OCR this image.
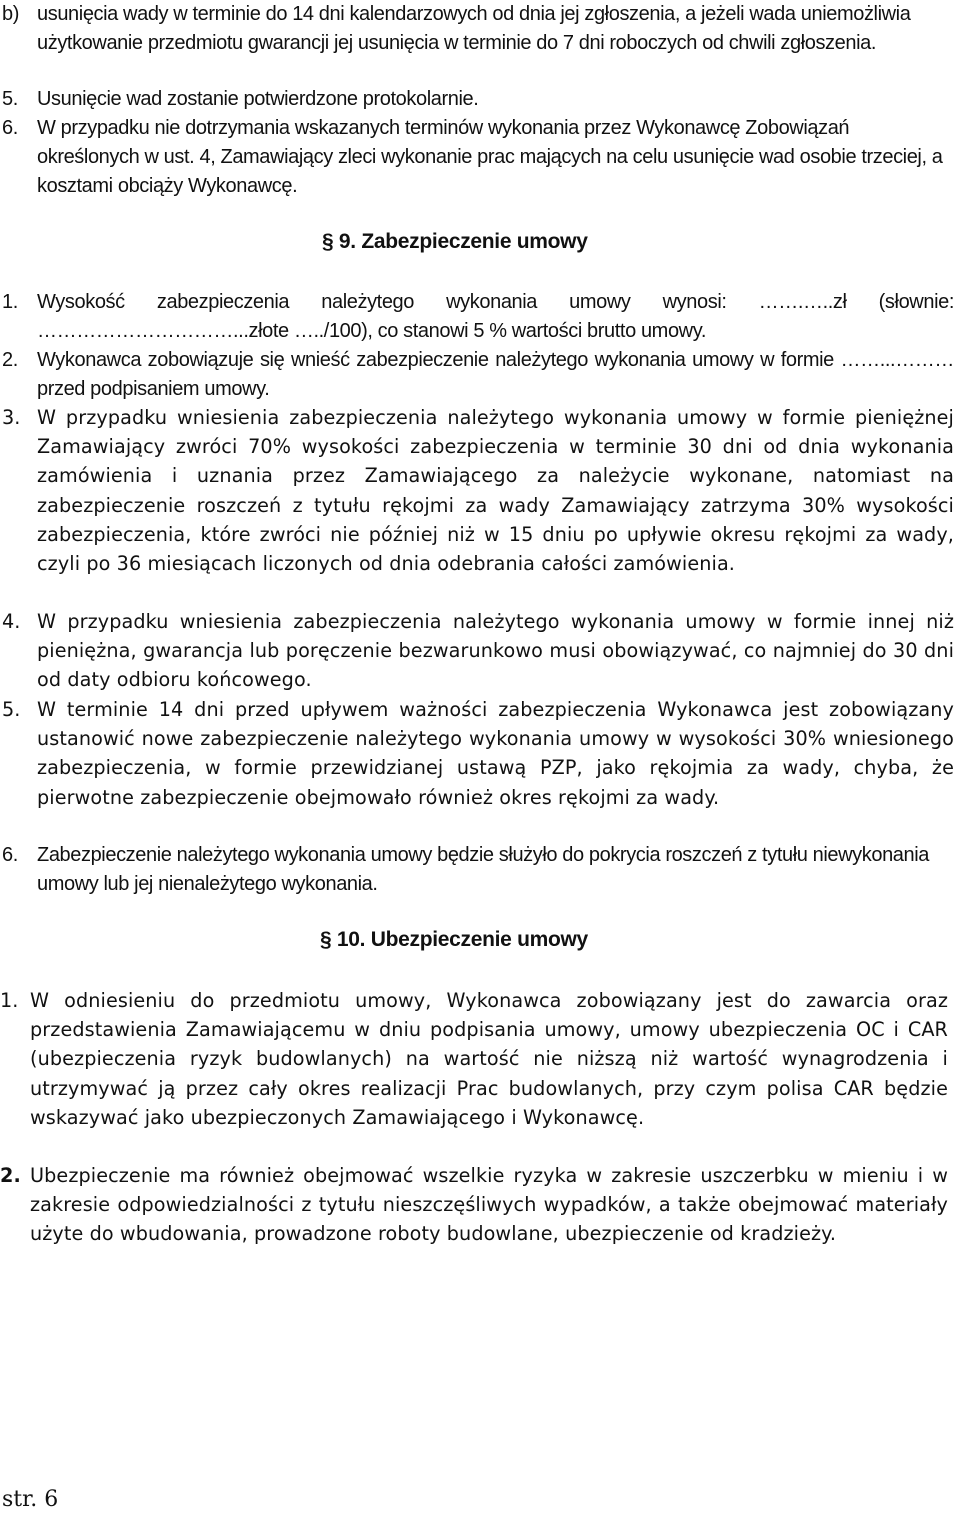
b) usunięcia wady w terminie do 14 dni kalendarzowych od dnia jej zgłoszenia, a jeżeli wada uniemożliwia użytkowanie przedmiotu gwarancji jej usunięcia w terminie do 7 dni roboczych od chwili zgłoszenia.
5. Usunięcie wad zostanie potwierdzone protokolarnie.
6. W przypadku nie dotrzymania wskazanych terminów wykonania przez Wykonawcę Zobowiązań określonych w ust. 4, Zamawiający zleci wykonanie prac mających na celu usunięcie wad osobie trzeciej, a kosztami obciąży Wykonawcę.
§ 9. Zabezpieczenie umowy
1. Wysokość zabezpieczenia należytego wykonania umowy wynosi: …….…..zł (słownie: …………………………...złote …../100), co stanowi 5 % wartości brutto umowy.
2. Wykonawca zobowiązuje się wnieść zabezpieczenie należytego wykonania umowy w formie ……...………przed podpisaniem umowy.
3. W przypadku wniesienia zabezpieczenia należytego wykonania umowy w formie pieniężnej Zamawiający zwróci 70% wysokości zabezpieczenia w terminie 30 dni od dnia wykonania zamówienia i uznania przez Zamawiającego za należycie wykonane, natomiast na zabezpieczenie roszczeń z tytułu rękojmi za wady Zamawiający zatrzyma 30% wysokości zabezpieczenia, które zwróci nie później niż w 15 dniu po upływie okresu rękojmi za wady, czyli po 36 miesiącach liczonych od dnia odebrania całości zamówienia.
4. W przypadku wniesienia zabezpieczenia należytego wykonania umowy w formie innej niż pieniężna, gwarancja lub poręczenie bezwarunkowo musi obowiązywać, co najmniej do 30 dni od daty odbioru końcowego.
5. W terminie 14 dni przed upływem ważności zabezpieczenia Wykonawca jest zobowiązany ustanowić nowe zabezpieczenie należytego wykonania umowy w wysokości 30% wniesionego zabezpieczenia, w formie przewidzianej ustawą PZP, jako rękojmia za wady, chyba, że pierwotne zabezpieczenie obejmowało również okres rękojmi za wady.
6. Zabezpieczenie należytego wykonania umowy będzie służyło do pokrycia roszczeń z tytułu niewykonania umowy lub jej nienależytego wykonania.
§ 10. Ubezpieczenie umowy
1. W odniesieniu do przedmiotu umowy, Wykonawca zobowiązany jest do zawarcia oraz przedstawienia Zamawiającemu w dniu podpisania umowy, umowy ubezpieczenia OC i CAR (ubezpieczenia ryzyk budowlanych) na wartość nie niższą niż wartość wynagrodzenia i utrzymywać ją przez cały okres realizacji Prac budowlanych, przy czym polisa CAR będzie wskazywać jako ubezpieczonych Zamawiającego i Wykonawcę.
2. Ubezpieczenie ma również obejmować wszelkie ryzyka w zakresie uszczerbku w mieniu i w zakresie odpowiedzialności z tytułu nieszczęśliwych wypadków, a także obejmować materiały użyte do wbudowania, prowadzone roboty budowlane, ubezpieczenie od kradzieży.
str. 6
